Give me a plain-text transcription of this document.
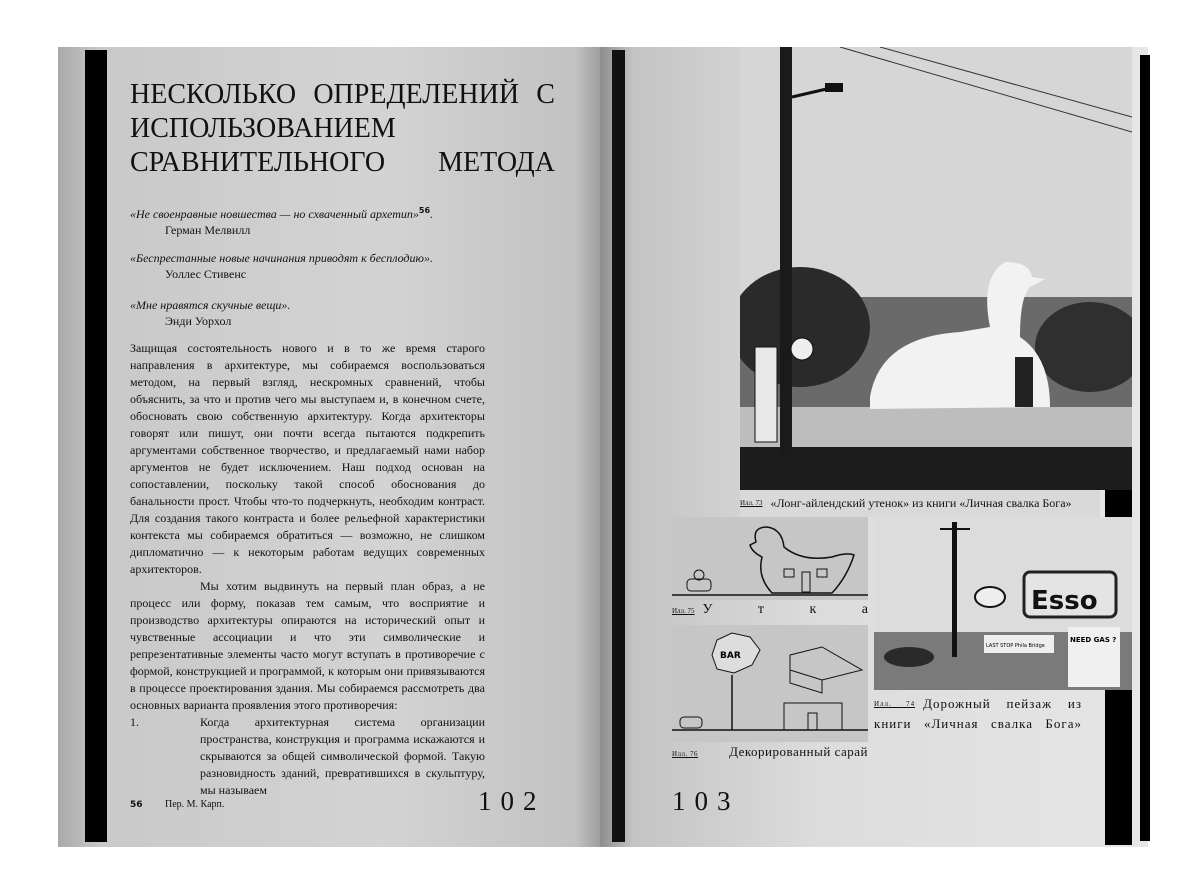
НЕСКОЛЬКО ОПРЕДЕЛЕНИЙ С ИСПОЛЬЗОВАНИЕМ СРАВНИТЕЛЬНОГО МЕТОДА
«Не своенравные новшества — но схваченный архетип»$^{56}$.
Герман Мелвилл
«Беспрестанные новые начинания приводят к бесплодию».
Уоллес Стивенс
«Мне нравятся скучные вещи».
Энди Уорхол

Защищая состоятельность нового и в то же время старого направления в архитектуре, мы собираемся воспользоваться методом, на первый взгляд, нескромных сравнений, чтобы объяснить, за что и против чего мы выступаем и, в конечном счете, обосновать свою собственную архитектуру. Когда архитекторы говорят или пишут, они почти всегда пытаются подкрепить аргументами собственное творчество, и предлагаемый нами набор аргументов не будет исключением. Наш подход основан на сопоставлении, поскольку такой способ обоснования до банальности прост. Чтобы что-то подчеркнуть, необходим контраст. Для создания такого контраста и более рельефной характеристики контекста мы собираемся обратиться — возможно, не слишком дипломатично — к некоторым работам ведущих современных архитекторов.

Мы хотим выдвинуть на первый план образ, а не процесс или форму, показав тем самым, что восприятие и производство архитектуры опираются на исторический опыт и чувственные ассоциации и что эти символические и репрезентативные элементы часто могут вступать в противоречие с формой, конструкцией и программой, к которым они привязываются в процессе проектирования здания. Мы собираемся рассмотреть два основных варианта проявления этого противоречия:

1.	Когда архитектурная система организации пространства, конструкция и программа искажаются и скрываются за общей символической формой. Такую разновидность зданий, превратившихся в скульптуру, мы называем
56 Пер. М. Карп.	102	103
Илл. 73 «Лонг-айлендский утенок» из книги «Личная свалка Бога»
Илл. 75 У т к а
BAR
Илл. 76 Декорированный сарай
Esso
LAST STOP Phila Bridge
NEED GAS ?
Илл. 74 Дорожный пейзаж из книги «Личная свалка Бога»
